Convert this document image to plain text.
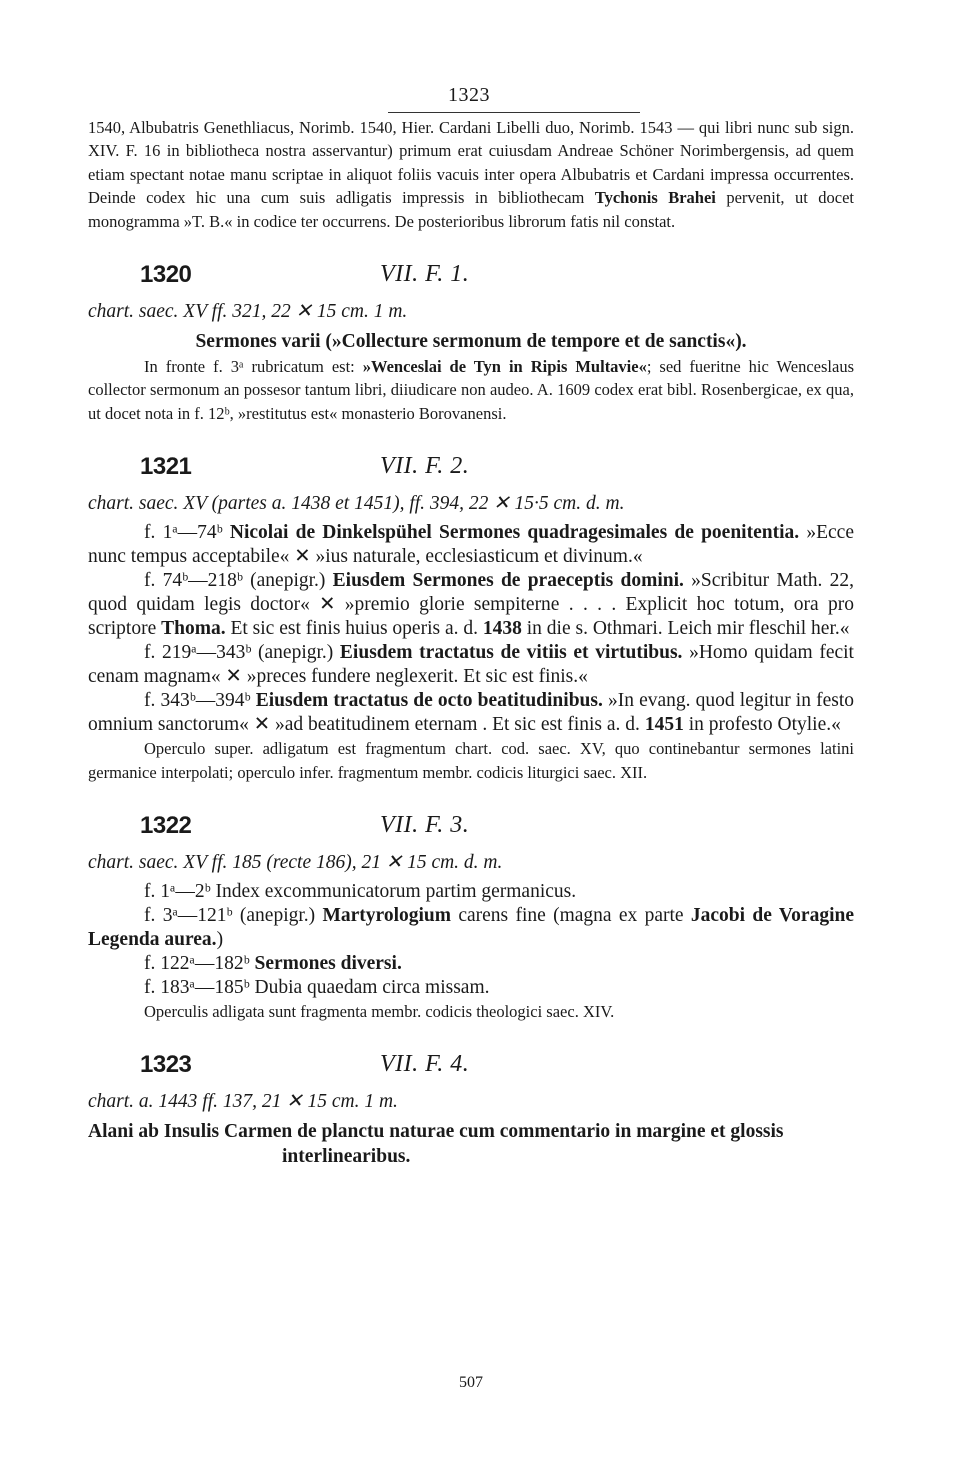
1323

1540, Albubatris Genethliacus, Norimb. 1540, Hier. Cardani Libelli duo, Norimb. 1543 — qui libri nunc sub sign. XIV. F. 16 in bibliotheca nostra asservantur) primum erat cuiusdam Andreae Schöner Norimbergensis, ad quem etiam spectant notae manu scriptae in aliquot foliis vacuis inter opera Albubatris et Cardani impressa occurrentes. Deinde codex hic una cum suis adligatis impressis in bibliothecam Tychonis Brahei pervenit, ut docet monogramma »T. B.« in codice ter occurrens. De posterioribus librorum fatis nil constat.

1320	VII. F. 1.

chart. saec. XV ff. 321, 22 ✕ 15 cm. 1 m.

Sermones varii (»Collecture sermonum de tempore et de sanctis«).

In fronte f. 3ᵃ rubricatum est: »Wenceslai de Tyn in Ripis Multavie«; sed fueritne hic Wenceslaus collector sermonum an possesor tantum libri, diiudicare non audeo. A. 1609 codex erat bibl. Rosenbergicae, ex qua, ut docet nota in f. 12ᵇ, »restitutus est« monasterio Borovanensi.

1321	VII. F. 2.

chart. saec. XV (partes a. 1438 et 1451), ff. 394, 22 ✕ 15·5 cm. d. m.

f. 1ᵃ—74ᵇ Nicolai de Dinkelspühel Sermones quadragesimales de poenitentia. »Ecce nunc tempus acceptabile« ✕ »ius naturale, ecclesiasticum et divinum.«

f. 74ᵇ—218ᵇ (anepigr.) Eiusdem Sermones de praeceptis domini. »Scribitur Math. 22, quod quidam legis doctor« ✕ »premio glorie sempiterne . . . . Explicit hoc totum, ora pro scriptore Thoma. Et sic est finis huius operis a. d. 1438 in die s. Othmari. Leich mir fleschil her.«

f. 219ᵃ—343ᵇ (anepigr.) Eiusdem tractatus de vitiis et virtutibus. »Homo quidam fecit cenam magnam« ✕ »preces fundere neglexerit. Et sic est finis.«

f. 343ᵇ—394ᵇ Eiusdem tractatus de octo beatitudinibus. »In evang. quod legitur in festo omnium sanctorum« ✕ »ad beatitudinem eternam . Et sic est finis a. d. 1451 in profesto Otylie.«

Operculo super. adligatum est fragmentum chart. cod. saec. XV, quo continebantur sermones latini germanice interpolati; operculo infer. fragmentum membr. codicis liturgici saec. XII.

1322	VII. F. 3.

chart. saec. XV ff. 185 (recte 186), 21 ✕ 15 cm. d. m.

f. 1ᵃ—2ᵇ Index excommunicatorum partim germanicus.

f. 3ᵃ—121ᵇ (anepigr.) Martyrologium carens fine (magna ex parte Jacobi de Voragine Legenda aurea.)

f. 122ᵃ—182ᵇ Sermones diversi.

f. 183ᵃ—185ᵇ Dubia quaedam circa missam.

Operculis adligata sunt fragmenta membr. codicis theologici saec. XIV.

1323	VII. F. 4.

chart. a. 1443 ff. 137, 21 ✕ 15 cm. 1 m.

Alani ab Insulis Carmen de planctu naturae cum commentario in margine et glossis interlinearibus.

507
